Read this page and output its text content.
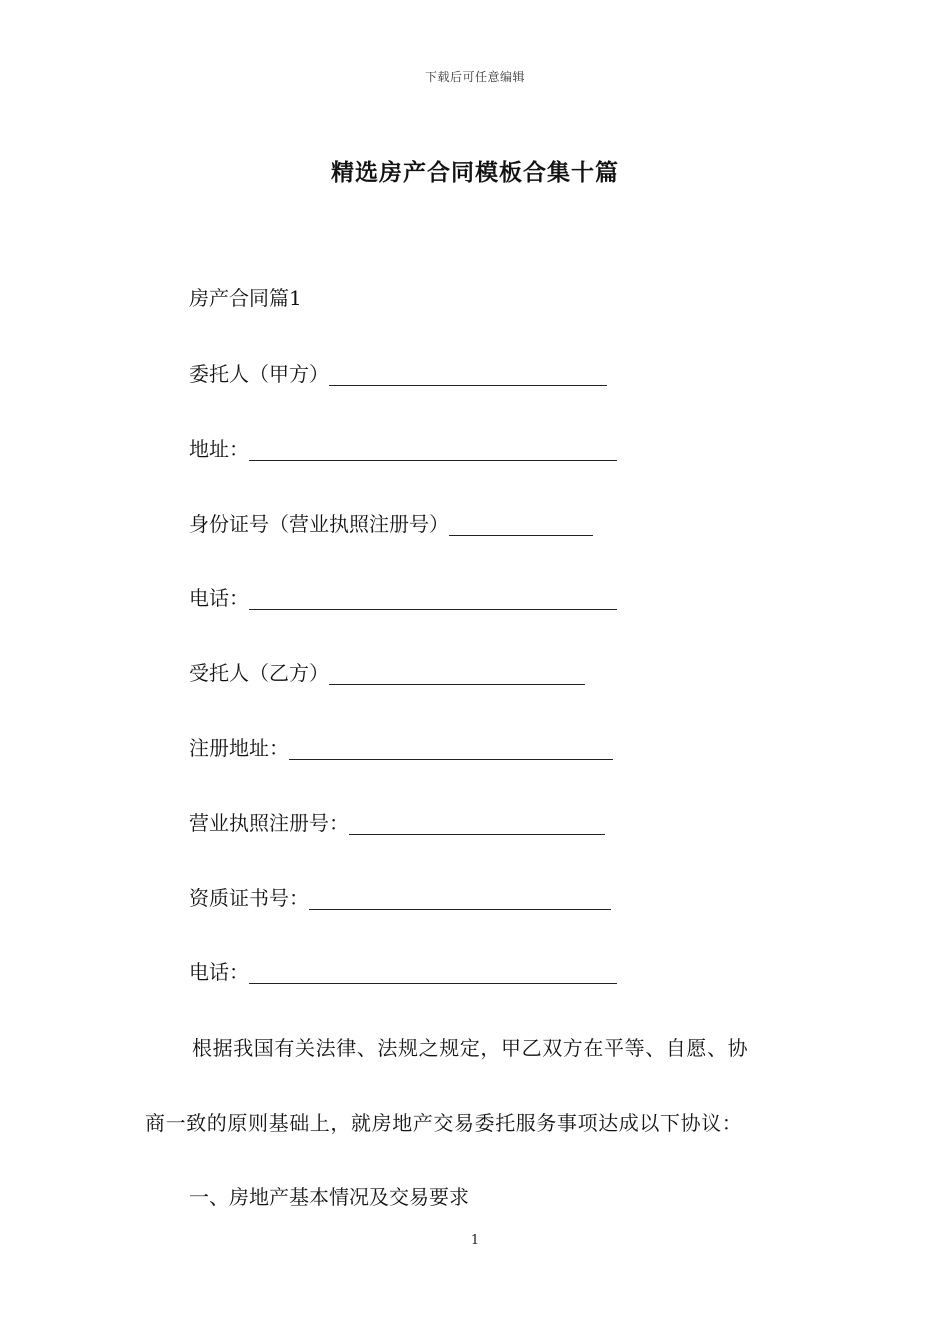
下载后可任意编辑
精选房产合同模板合集十篇
房产合同篇1
委托人（甲方）
地址：
身份证号（营业执照注册号）
电话：
受托人（乙方）
注册地址：
营业执照注册号：
资质证书号：
电话：
根据我国有关法律、法规之规定，甲乙双方在平等、自愿、协
商一致的原则基础上，就房地产交易委托服务事项达成以下协议：
一、房地产基本情况及交易要求
1
